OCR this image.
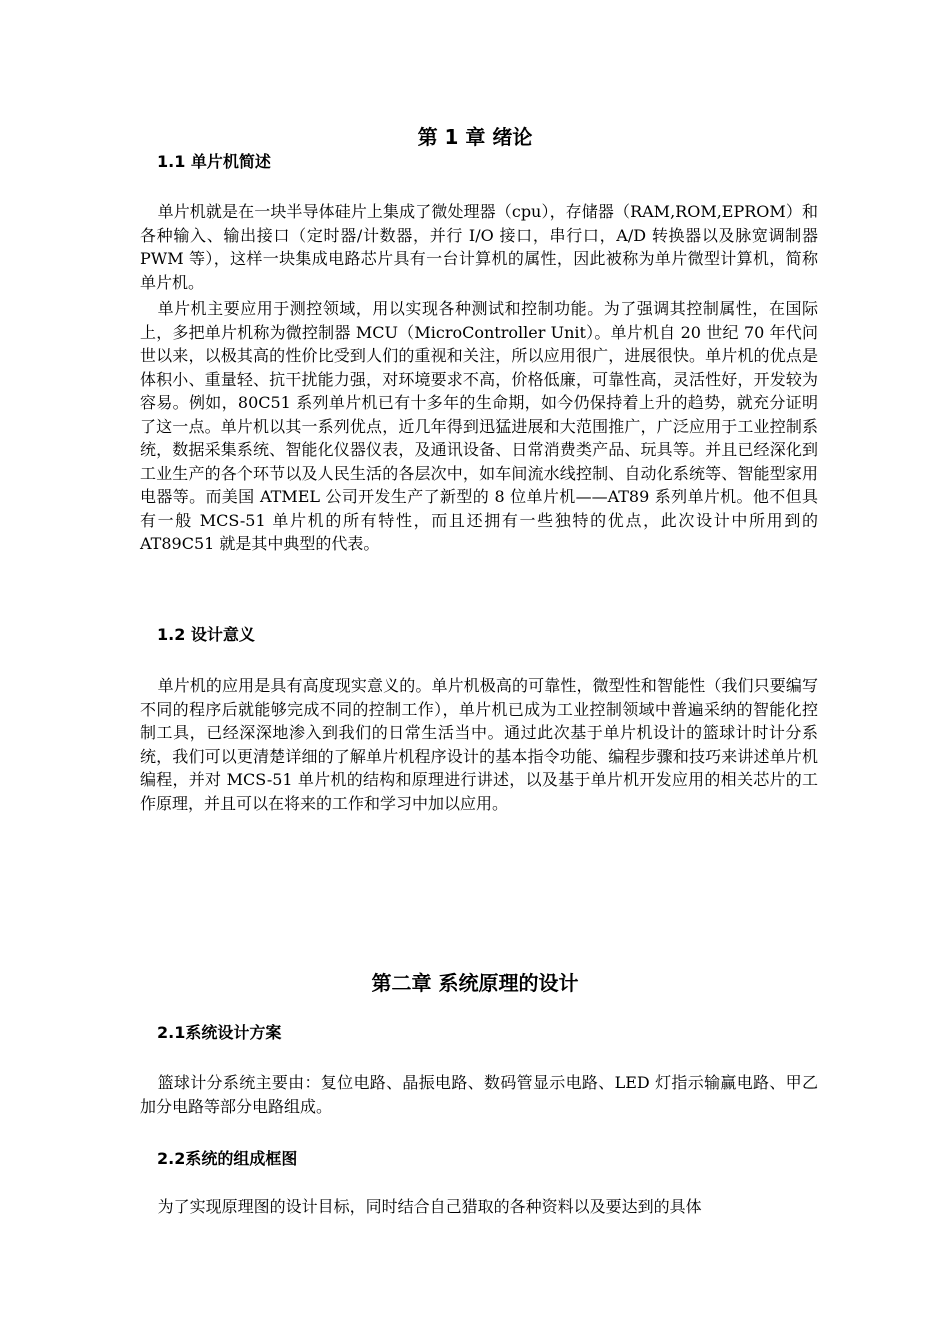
第 1 章 绪论
1.1 单片机简述

单片机就是在一块半导体硅片上集成了微处理器（cpu），存储器（RAM,ROM,EPROM）和各种输入、输出接口（定时器/计数器，并行 I/O 接口，串行口，A/D 转换器以及脉宽调制器 PWM 等），这样一块集成电路芯片具有一台计算机的属性，因此被称为单片微型计算机，简称单片机。

单片机主要应用于测控领域，用以实现各种测试和控制功能。为了强调其控制属性，在国际上，多把单片机称为微控制器 MCU（MicroController Unit）。单片机自 20 世纪 70 年代问世以来，以极其高的性价比受到人们的重视和关注，所以应用很广，进展很快。单片机的优点是体积小、重量轻、抗干扰能力强，对环境要求不高，价格低廉，可靠性高，灵活性好，开发较为容易。例如，80C51 系列单片机已有十多年的生命期，如今仍保持着上升的趋势，就充分证明了这一点。单片机以其一系列优点，近几年得到迅猛进展和大范围推广，广泛应用于工业控制系统，数据采集系统、智能化仪器仪表，及通讯设备、日常消费类产品、玩具等。并且已经深化到工业生产的各个环节以及人民生活的各层次中，如车间流水线控制、自动化系统等、智能型家用电器等。而美国 ATMEL 公司开发生产了新型的 8 位单片机——AT89 系列单片机。他不但具有一般 MCS-51 单片机的所有特性，而且还拥有一些独特的优点，此次设计中所用到的 AT89C51 就是其中典型的代表。

1.2 设计意义

单片机的应用是具有高度现实意义的。单片机极高的可靠性，微型性和智能性（我们只要编写不同的程序后就能够完成不同的控制工作），单片机已成为工业控制领域中普遍采纳的智能化控制工具，已经深深地渗入到我们的日常生活当中。通过此次基于单片机设计的篮球计时计分系统，我们可以更清楚详细的了解单片机程序设计的基本指令功能、编程步骤和技巧来讲述单片机编程，并对 MCS-51 单片机的结构和原理进行讲述，以及基于单片机开发应用的相关芯片的工作原理，并且可以在将来的工作和学习中加以应用。

第二章 系统原理的设计
2.1系统设计方案

篮球计分系统主要由：复位电路、晶振电路、数码管显示电路、LED 灯指示输赢电路、甲乙加分电路等部分电路组成。

2.2系统的组成框图

为了实现原理图的设计目标，同时结合自己猎取的各种资料以及要达到的具体
